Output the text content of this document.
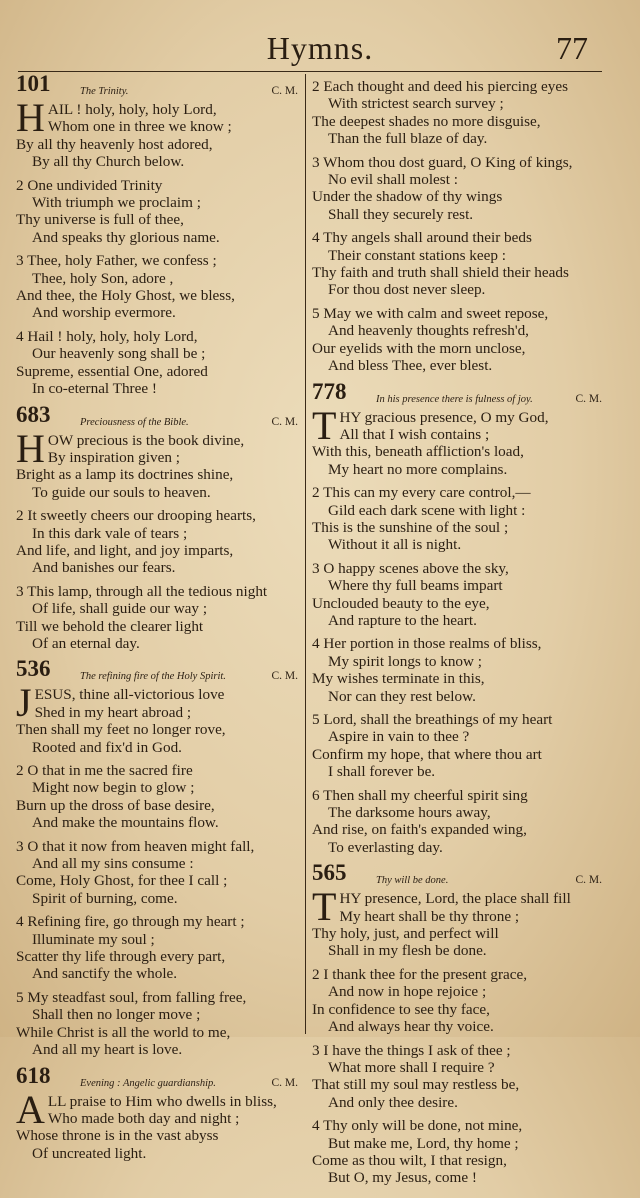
Hymns.	77
101	The Trinity.	C. M.
HAIL ! holy, holy, holy Lord,
Whom one in three we know ;
By all thy heavenly host adored,
By all thy Church below.
2 One undivided Trinity
With triumph we proclaim ;
Thy universe is full of thee,
And speaks thy glorious name.
3 Thee, holy Father, we confess ;
Thee, holy Son, adore ,
And thee, the Holy Ghost, we bless,
And worship evermore.
4 Hail ! holy, holy, holy Lord,
Our heavenly song shall be ;
Supreme, essential One, adored
In co-eternal Three !
683	Preciousness of the Bible.	C. M.
HOW precious is the book divine,
By inspiration given ;
Bright as a lamp its doctrines shine,
To guide our souls to heaven.
2 It sweetly cheers our drooping hearts,
In this dark vale of tears ;
And life, and light, and joy imparts,
And banishes our fears.
3 This lamp, through all the tedious night
Of life, shall guide our way ;
Till we behold the clearer light
Of an eternal day.
536	The refining fire of the Holy Spirit.	C. M.
JESUS, thine all-victorious love
Shed in my heart abroad ;
Then shall my feet no longer rove,
Rooted and fix'd in God.
2 O that in me the sacred fire
Might now begin to glow ;
Burn up the dross of base desire,
And make the mountains flow.
3 O that it now from heaven might fall,
And all my sins consume :
Come, Holy Ghost, for thee I call ;
Spirit of burning, come.
4 Refining fire, go through my heart ;
Illuminate my soul ;
Scatter thy life through every part,
And sanctify the whole.
5 My steadfast soul, from falling free,
Shall then no longer move ;
While Christ is all the world to me,
And all my heart is love.
618	Evening : Angelic guardianship.	C. M.
ALL praise to Him who dwells in bliss,
Who made both day and night ;
Whose throne is in the vast abyss
Of uncreated light.
2 Each thought and deed his piercing eyes
With strictest search survey ;
The deepest shades no more disguise,
Than the full blaze of day.
3 Whom thou dost guard, O King of kings,
No evil shall molest :
Under the shadow of thy wings
Shall they securely rest.
4 Thy angels shall around their beds
Their constant stations keep :
Thy faith and truth shall shield their heads
For thou dost never sleep.
5 May we with calm and sweet repose,
And heavenly thoughts refresh'd,
Our eyelids with the morn unclose,
And bless Thee, ever blest.
778	In his presence there is fulness of joy.	C. M.
THY gracious presence, O my God,
All that I wish contains ;
With this, beneath affliction's load,
My heart no more complains.
2 This can my every care control,—
Gild each dark scene with light :
This is the sunshine of the soul ;
Without it all is night.
3 O happy scenes above the sky,
Where thy full beams impart
Unclouded beauty to the eye,
And rapture to the heart.
4 Her portion in those realms of bliss,
My spirit longs to know ;
My wishes terminate in this,
Nor can they rest below.
5 Lord, shall the breathings of my heart
Aspire in vain to thee ?
Confirm my hope, that where thou art
I shall forever be.
6 Then shall my cheerful spirit sing
The darksome hours away,
And rise, on faith's expanded wing,
To everlasting day.
565	Thy will be done.	C. M.
THY presence, Lord, the place shall fill
My heart shall be thy throne ;
Thy holy, just, and perfect will
Shall in my flesh be done.
2 I thank thee for the present grace,
And now in hope rejoice ;
In confidence to see thy face,
And always hear thy voice.
3 I have the things I ask of thee ;
What more shall I require ?
That still my soul may restless be,
And only thee desire.
4 Thy only will be done, not mine,
But make me, Lord, thy home ;
Come as thou wilt, I that resign,
But O, my Jesus, come !
